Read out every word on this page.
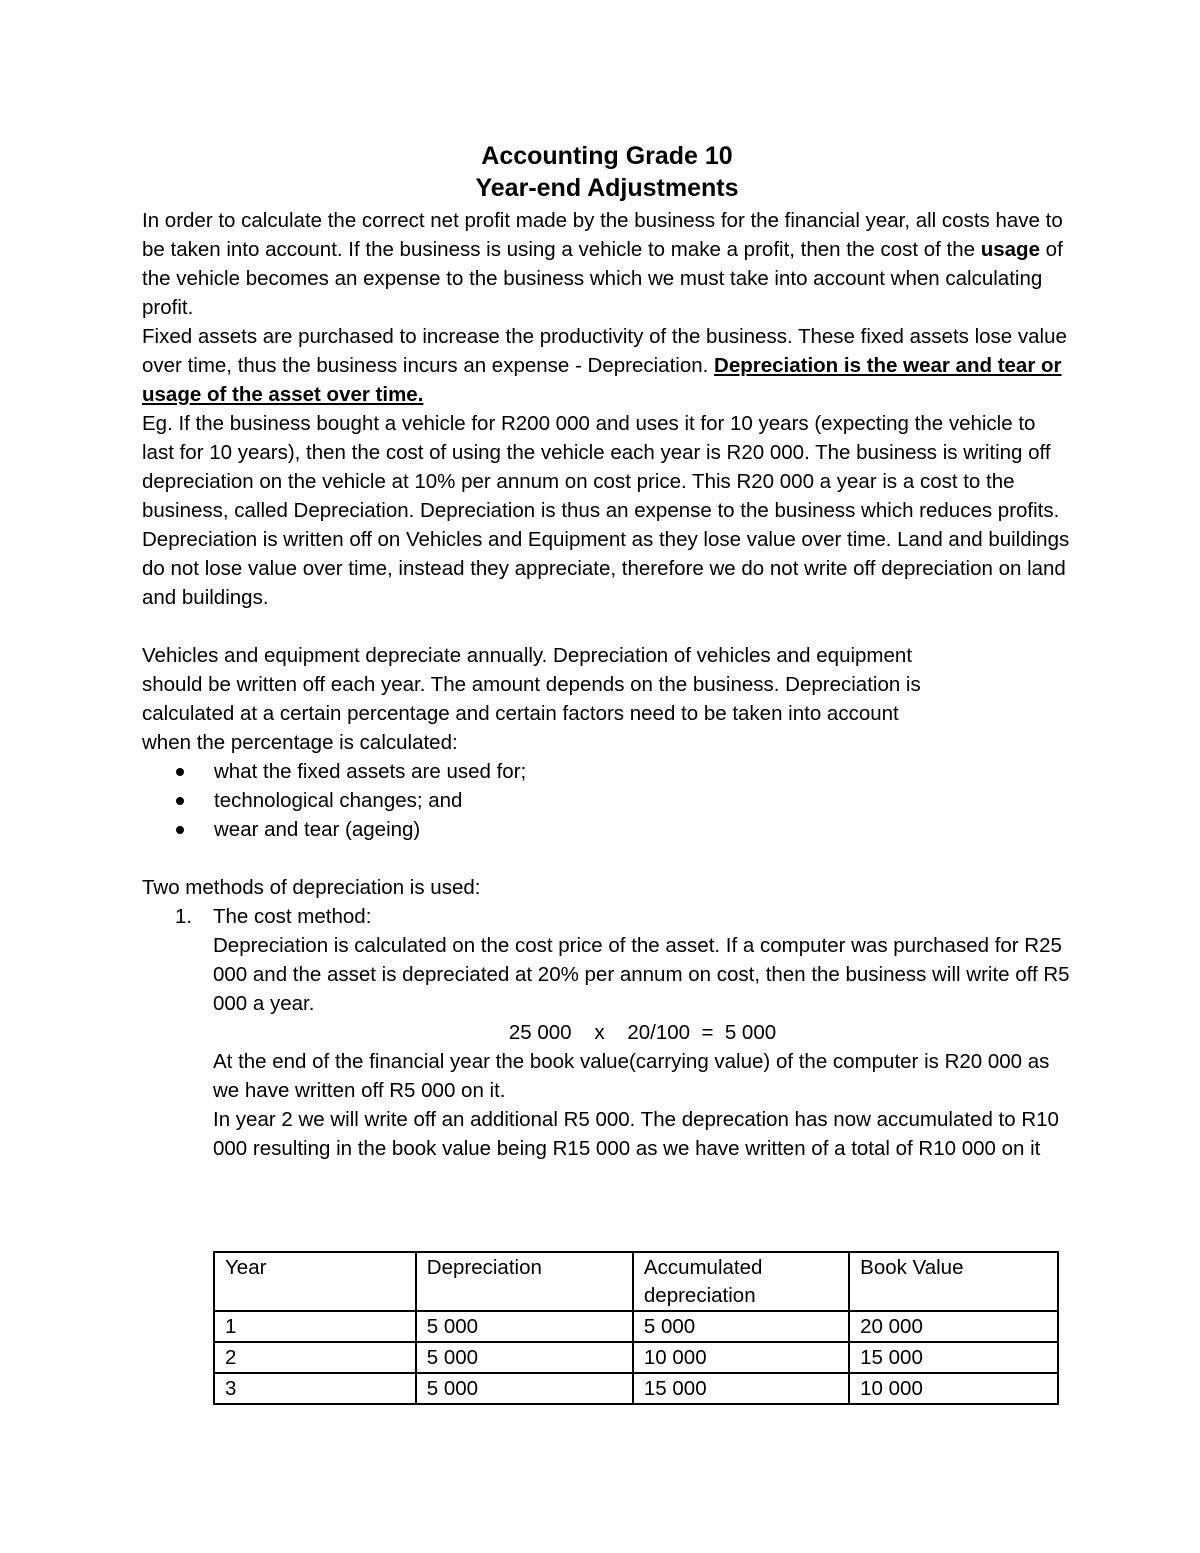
Accounting Grade 10
Year-end Adjustments

In order to calculate the correct net profit made by the business for the financial year, all costs have to be taken into account. If the business is using a vehicle to make a profit, then the cost of the usage of the vehicle becomes an expense to the business which we must take into account when calculating profit.

Fixed assets are purchased to increase the productivity of the business. These fixed assets lose value over time, thus the business incurs an expense - Depreciation. Depreciation is the wear and tear or usage of the asset over time.

Eg. If the business bought a vehicle for R200 000 and uses it for 10 years (expecting the vehicle to last for 10 years), then the cost of using the vehicle each year is R20 000. The business is writing off depreciation on the vehicle at 10% per annum on cost price. This R20 000 a year is a cost to the business, called Depreciation. Depreciation is thus an expense to the business which reduces profits.

Depreciation is written off on Vehicles and Equipment as they lose value over time. Land and buildings do not lose value over time, instead they appreciate, therefore we do not write off depreciation on land and buildings.

Vehicles and equipment depreciate annually. Depreciation of vehicles and equipment

should be written off each year. The amount depends on the business. Depreciation is

calculated at a certain percentage and certain factors need to be taken into account

when the percentage is calculated:

what the fixed assets are used for;
technological changes; and
wear and tear (ageing)

Two methods of depreciation is used:

1.	The cost method:

Depreciation is calculated on the cost price of the asset. If a computer was purchased for R25 000 and the asset is depreciated at 20% per annum on cost, then the business will write off R5 000 a year.

25 000    x    20/100  =  5 000

At the end of the financial year the book value(carrying value) of the computer is R20 000 as we have written off R5 000 on it.

In year 2 we will write off an additional R5 000. The deprecation has now accumulated to R10 000 resulting in the book value being R15 000 as we have written of a total of R10 000 on it

Year	Depreciation	Accumulated depreciation	Book Value
1	5 000	5 000	20 000
2	5 000	10 000	15 000
3	5 000	15 000	10 000
